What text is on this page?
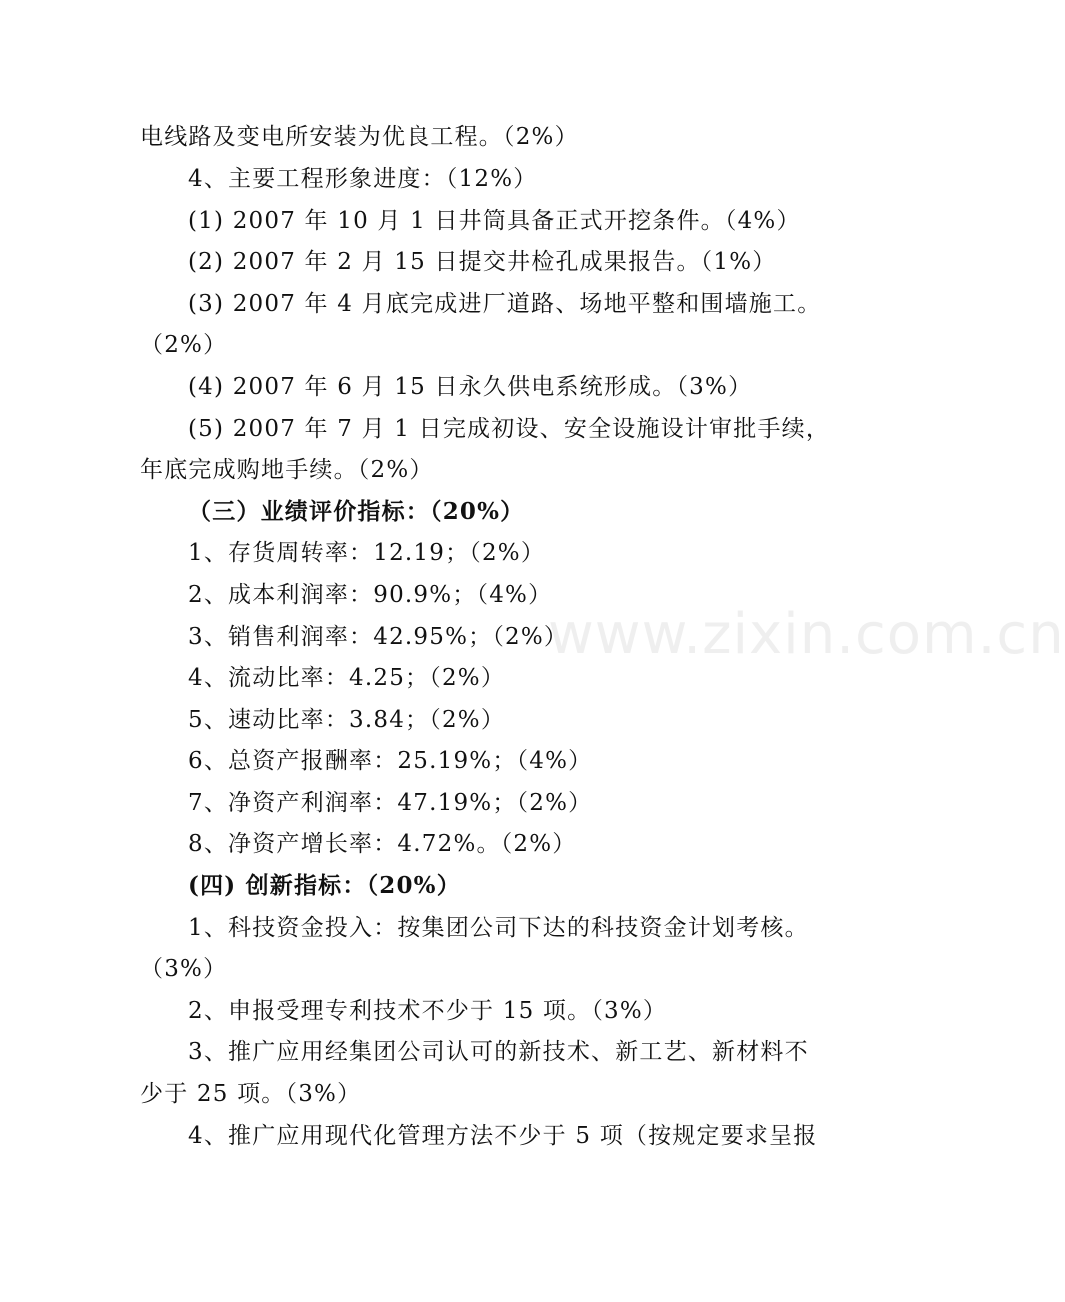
www.zixin.com.cn
电线路及变电所安装为优良工程。（2%）
4、主要工程形象进度：（12%）
(1) 2007 年 10 月 1 日井筒具备正式开挖条件。（4%）
(2) 2007 年 2 月 15 日提交井检孔成果报告。（1%）
(3) 2007 年 4 月底完成进厂道路、场地平整和围墙施工。
（2%）
(4) 2007 年 6 月 15 日永久供电系统形成。（3%）
(5) 2007 年 7 月 1 日完成初设、安全设施设计审批手续，
年底完成购地手续。（2%）
（三）业绩评价指标：（20%）
1、存货周转率：12.19；（2%）
2、成本利润率：90.9%；（4%）
3、销售利润率：42.95%；（2%）
4、流动比率：4.25；（2%）
5、速动比率：3.84；（2%）
6、总资产报酬率：25.19%；（4%）
7、净资产利润率：47.19%；（2%）
8、净资产增长率：4.72%。（2%）
(四) 创新指标：（20%）
1、科技资金投入：按集团公司下达的科技资金计划考核。
（3%）
2、申报受理专利技术不少于 15 项。（3%）
3、推广应用经集团公司认可的新技术、新工艺、新材料不
少于 25 项。（3%）
4、推广应用现代化管理方法不少于 5 项（按规定要求呈报
